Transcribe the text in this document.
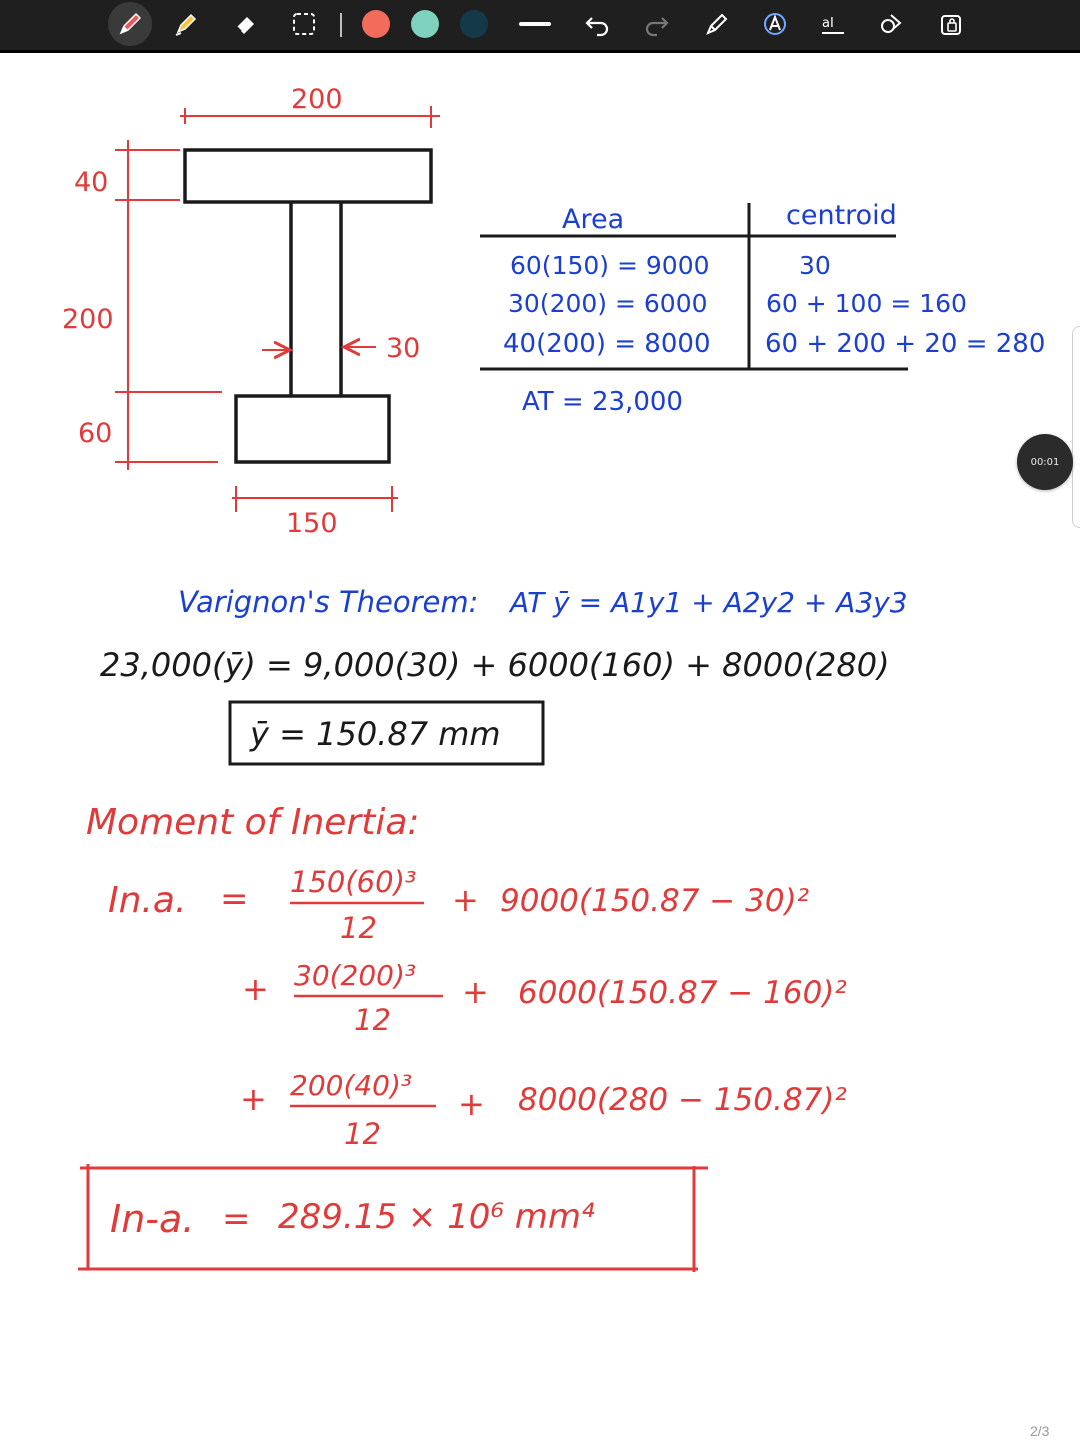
aI
200
40
200
30
60
150
Area	centroid
60(150) = 9000	30
30(200) = 6000 60 + 100 = 160
40(200) = 8000 60 + 200 + 20 = 280
AT = 23,000
Varignon's Theorem: AT ȳ = A1y1 + A2y2 + A3y3
23,000(ȳ) = 9,000(30) + 6000(160) + 8000(280)
ȳ = 150.87 mm
Moment of Inertia:
In.a. = 150(60)³
12
+ 9000(150.87 − 30)²
+ 30(200)³
12
+ 6000(150.87 − 160)²
+ 200(40)³
12
+ 8000(280 − 150.87)²
In-a. = 289.15 × 10⁶ mm⁴
00:01
2/3
